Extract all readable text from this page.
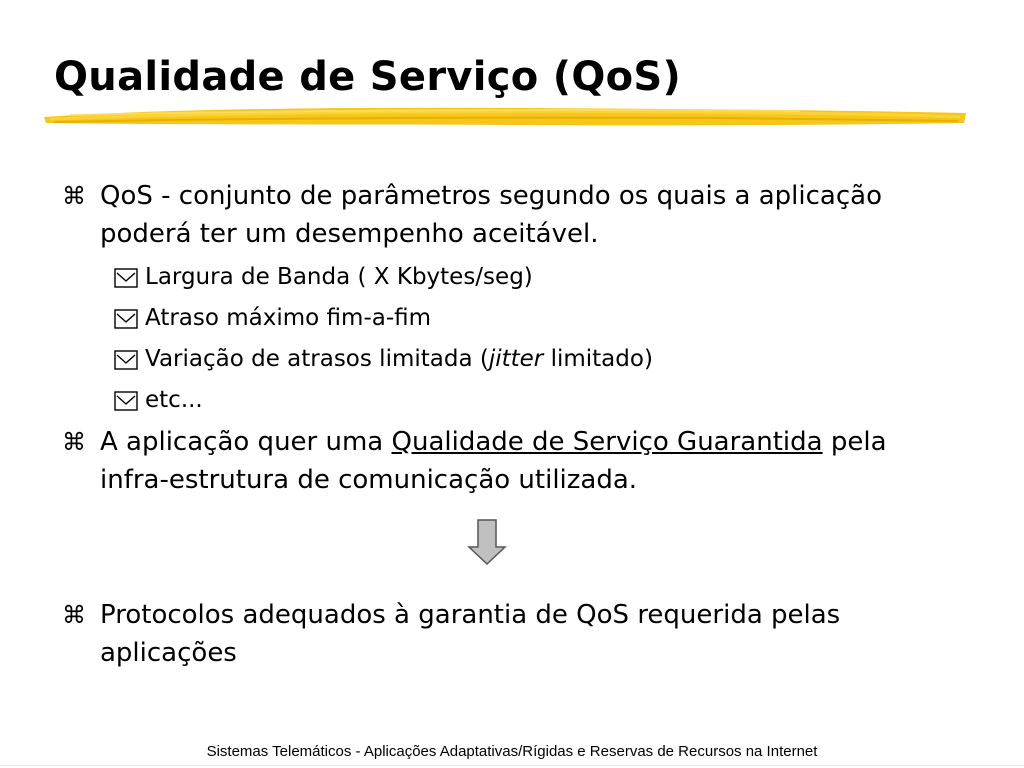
Qualidade de Serviço (QoS)
⌘ QoS - conjunto de parâmetros segundo os quais a aplicação
poderá ter um desempenho aceitável.
Largura de Banda ( X Kbytes/seg)
Atraso máximo fim-a-fim
Variação de atrasos limitada (jitter limitado)
etc...
⌘ A aplicação quer uma Qualidade de Serviço Guarantida pela
infra-estrutura de comunicação utilizada.
⌘ Protocolos adequados à garantia de QoS requerida pelas
aplicações
Sistemas Telemáticos - Aplicações Adaptativas/Rígidas e Reservas de Recursos na Internet
